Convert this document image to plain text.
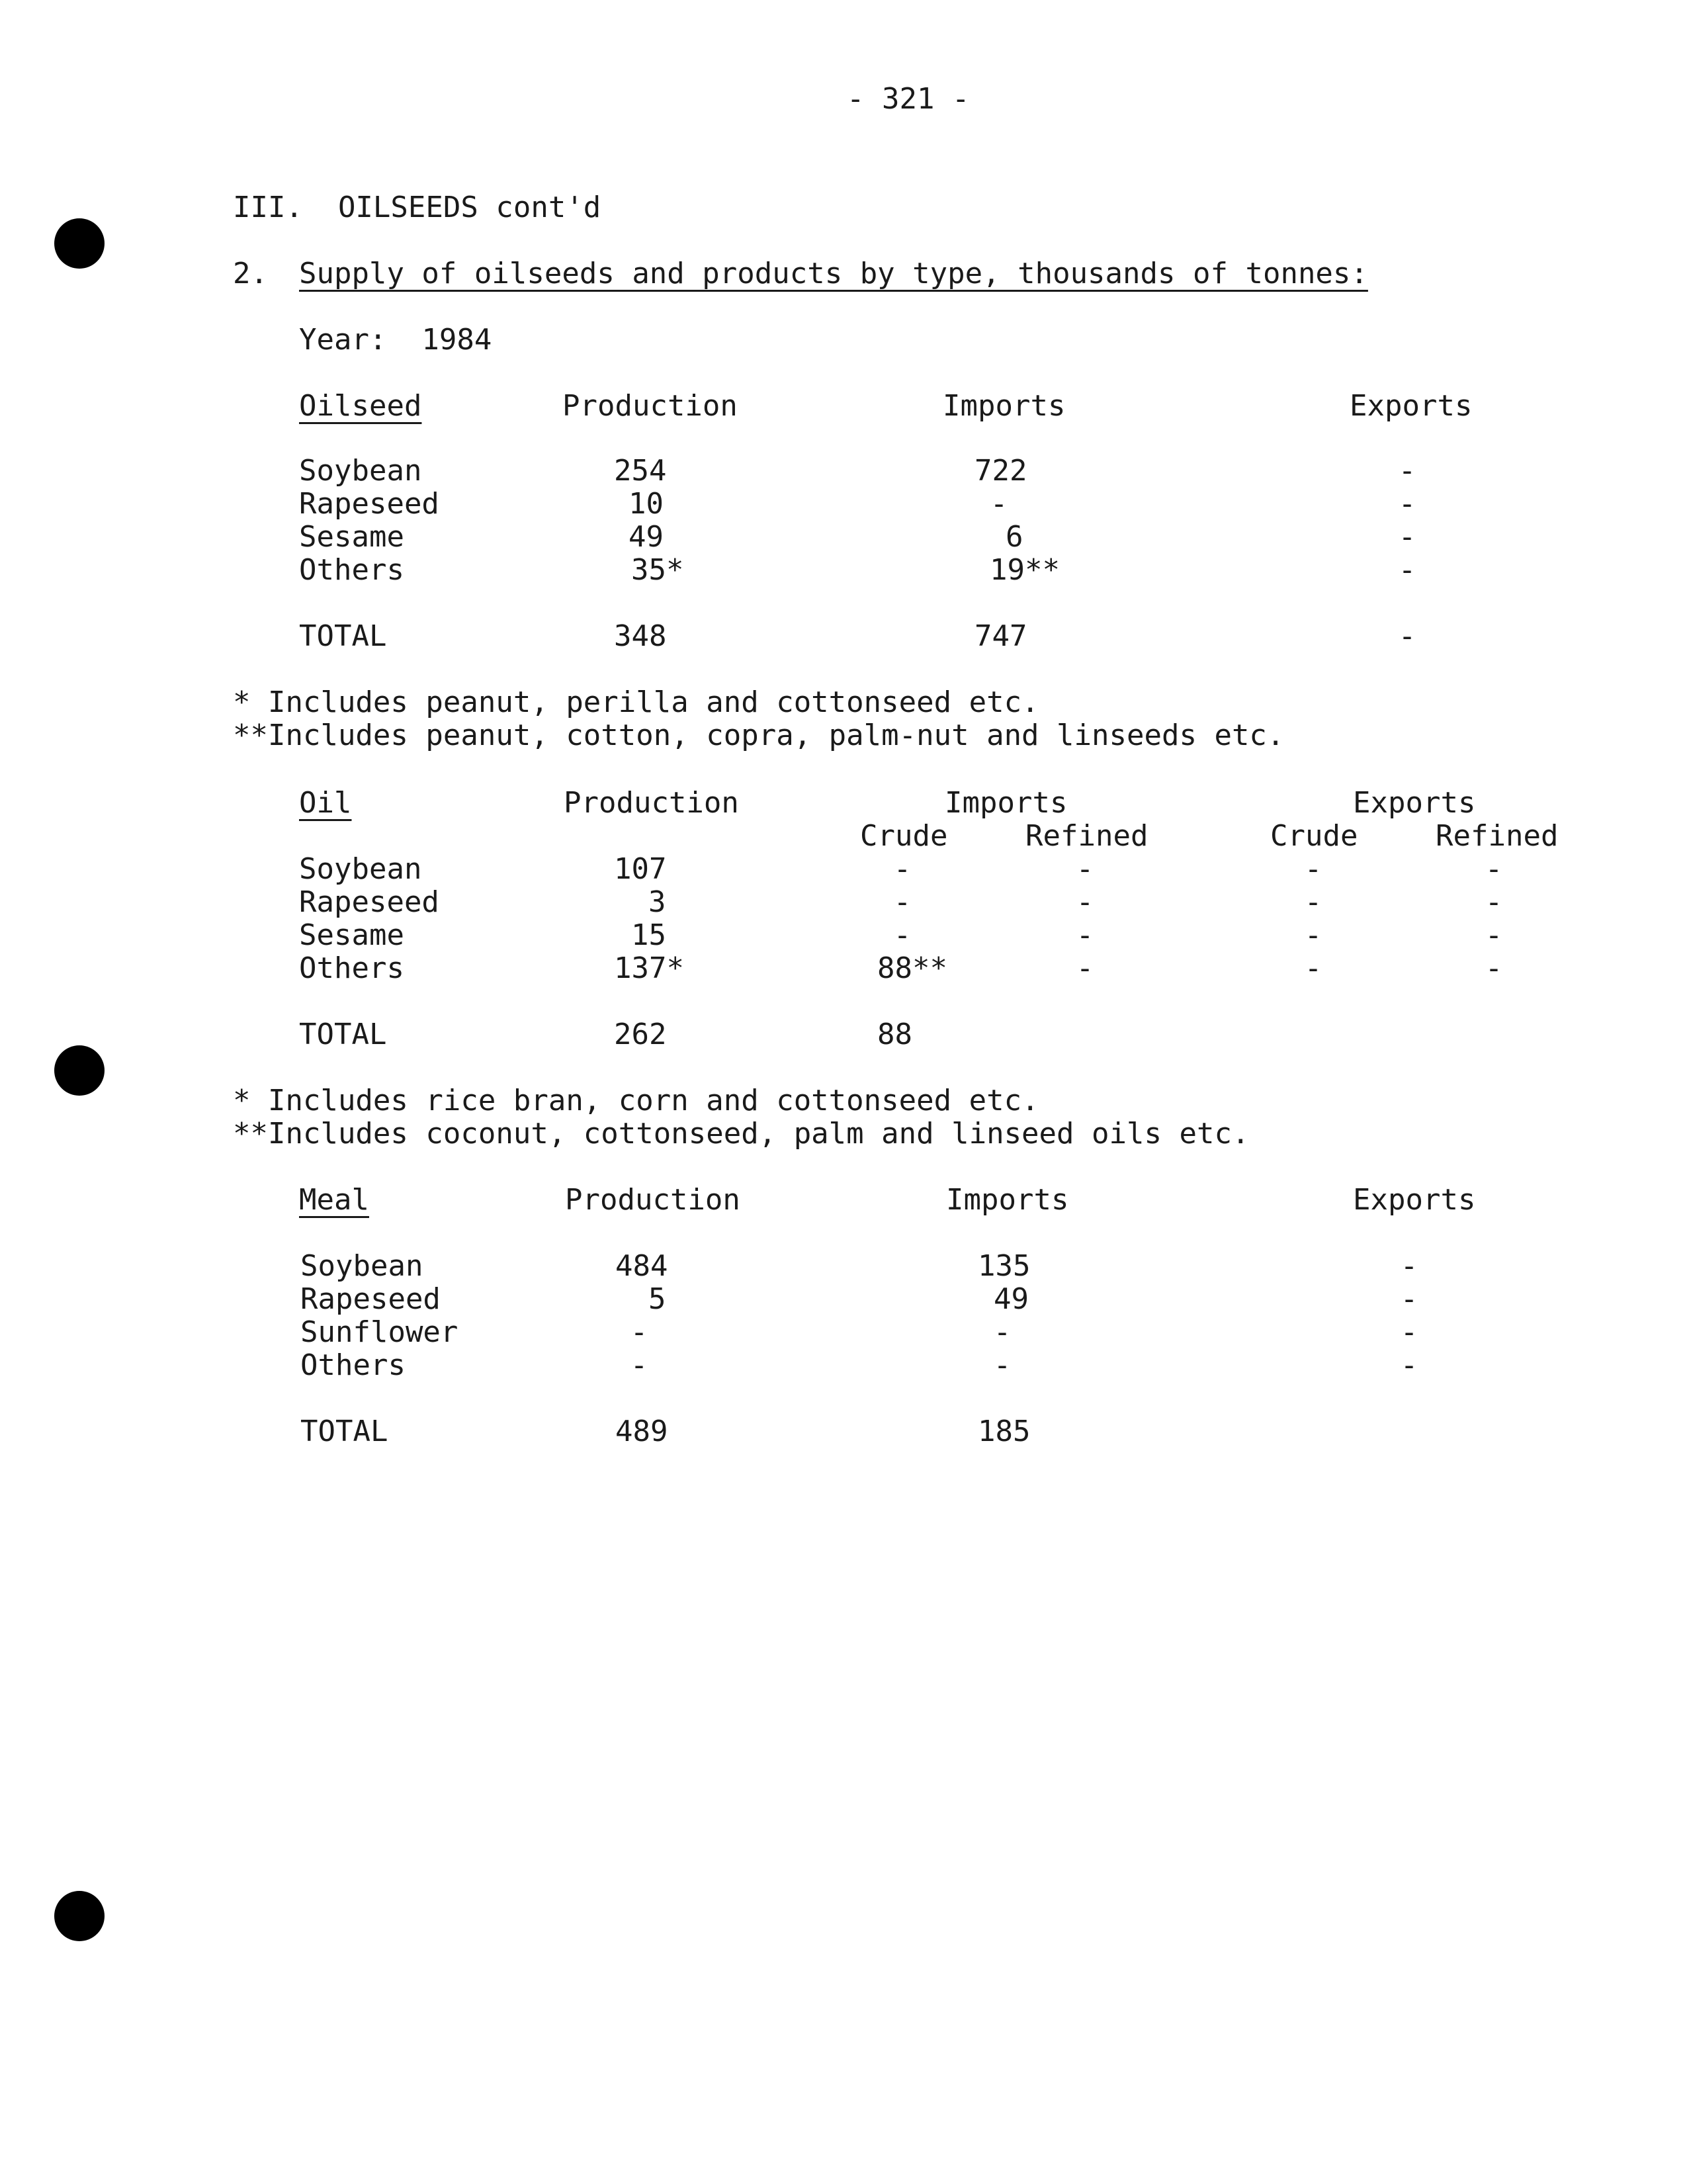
- 321 -
III.  OILSEEDS cont'd
2. Supply of oilseeds and products by type, thousands of tonnes:
Year:  1984
Oilseed	Production	Imports	Exports
Soybean	254	722	-
Rapeseed	10	-	-
Sesame	49	6	-
Others	35*	19**	-
TOTAL	348	747	-
* Includes peanut, perilla and cottonseed etc.
**Includes peanut, cotton, copra, palm-nut and linseeds etc.
Oil	Production	Imports	Exports
Crude	Refined	Crude	Refined
Soybean	107	-	-	-	-
Rapeseed	3	-	-	-	-
Sesame	15	-	-	-	-
Others	137*	88**	-	-	-
TOTAL	262	88
* Includes rice bran, corn and cottonseed etc.
**Includes coconut, cottonseed, palm and linseed oils etc.
Meal	Production	Imports	Exports
Soybean	484	135	-
Rapeseed	5	49	-
Sunflower	-	-	-
Others	-	-	-
TOTAL	489	185
